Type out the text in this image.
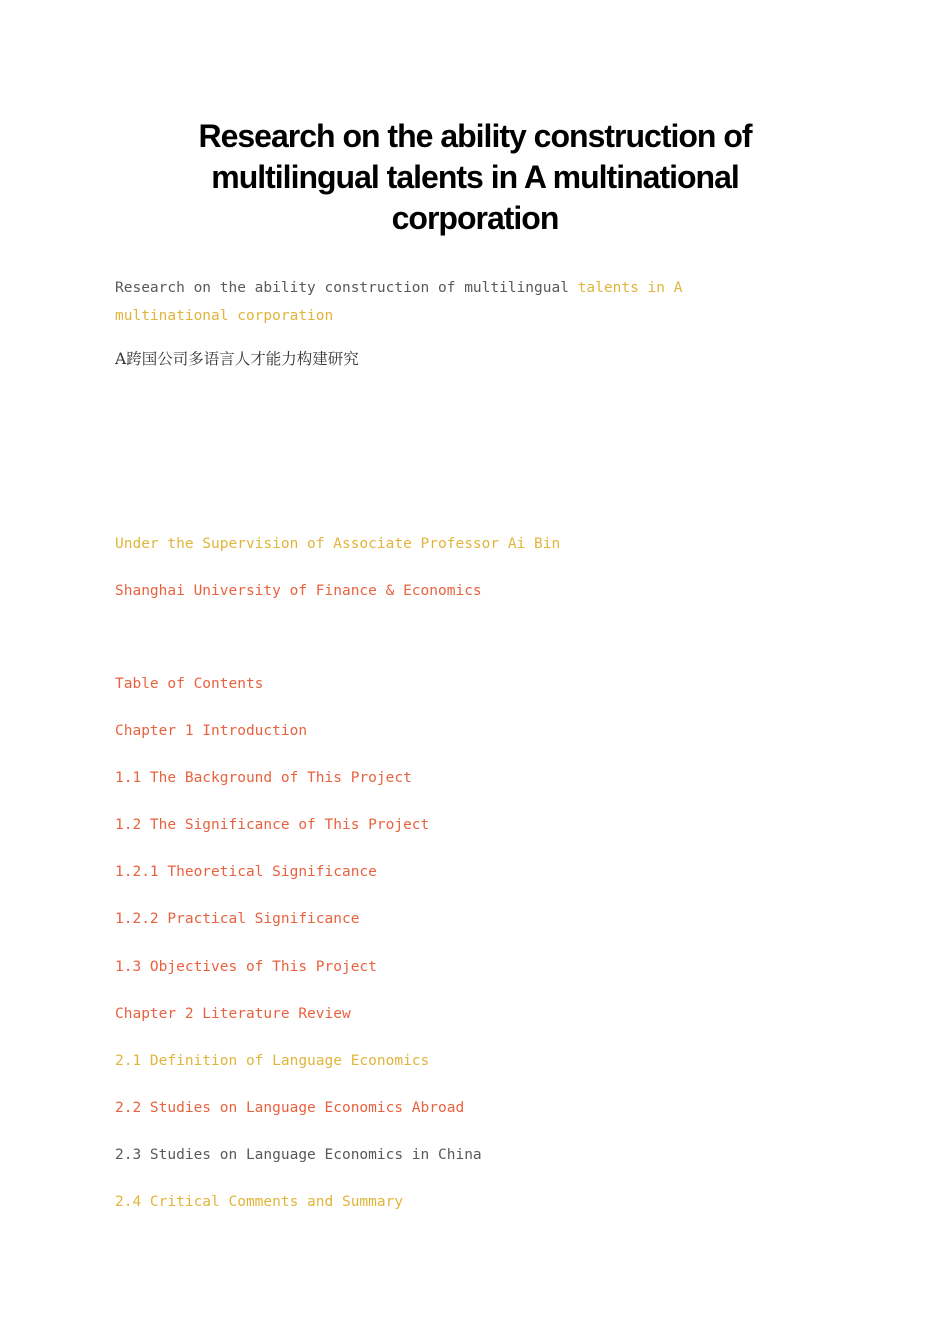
Research on the ability construction of multilingual talents in A multinational corporation

Research on the ability construction of multilingual talents in A multinational corporation

A跨国公司多语言人才能力构建研究

Under the Supervision of Associate Professor Ai Bin

Shanghai University of Finance & Economics

Table of Contents

Chapter 1 Introduction

1.1 The Background of This Project

1.2 The Significance of This Project

1.2.1 Theoretical Significance

1.2.2 Practical Significance

1.3 Objectives of This Project

Chapter 2 Literature Review

2.1 Definition of Language Economics

2.2 Studies on Language Economics Abroad

2.3 Studies on Language Economics in China

2.4 Critical Comments and Summary
